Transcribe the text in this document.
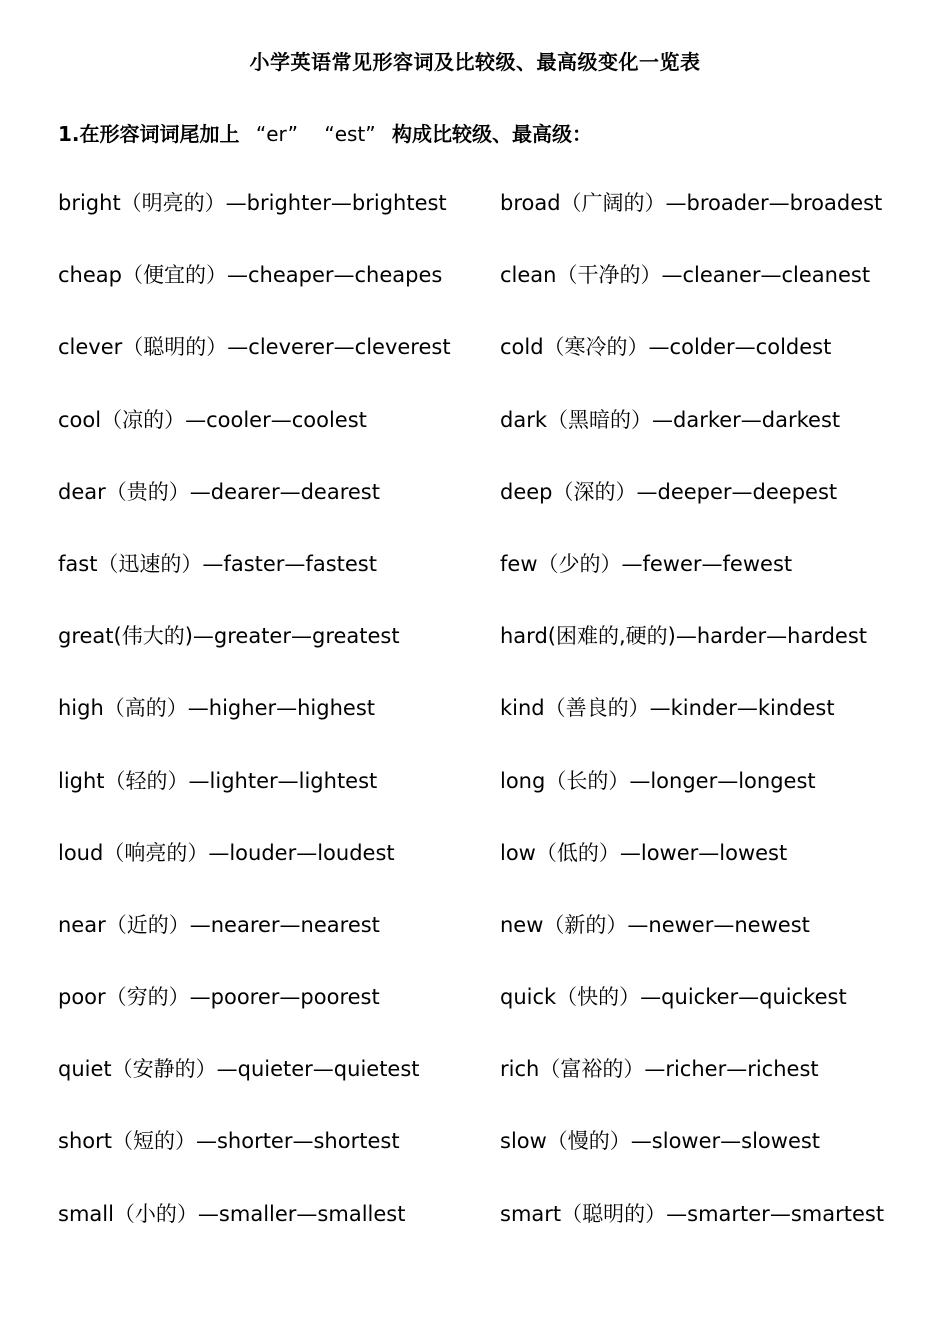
小学英语常见形容词及比较级、最高级变化一览表
1.在形容词词尾加上 “er” “est” 构成比较级、最高级：
bright（明亮的）—brighter—brightest	broad（广阔的）—broader—broadest
cheap（便宜的）—cheaper—cheapes	clean（干净的）—cleaner—cleanest
clever（聪明的）—cleverer—cleverest cold（寒冷的）—colder—coldest
cool（凉的）—cooler—coolest	dark（黑暗的）—darker—darkest
dear（贵的）—dearer—dearest	deep（深的）—deeper—deepest
fast（迅速的）—faster—fastest	few（少的）—fewer—fewest
great(伟大的)—greater—greatest	hard(困难的,硬的)—harder—hardest
high（高的）—higher—highest	kind（善良的）—kinder—kindest
light（轻的）—lighter—lightest	long（长的）—longer—longest
loud（响亮的）—louder—loudest	low（低的）—lower—lowest
near（近的）—nearer—nearest	new（新的）—newer—newest
poor（穷的）—poorer—poorest	quick（快的）—quicker—quickest
quiet（安静的）—quieter—quietest	rich（富裕的）—richer—richest
short（短的）—shorter—shortest	slow（慢的）—slower—slowest
small（小的）—smaller—smallest	smart（聪明的）—smarter—smartest
